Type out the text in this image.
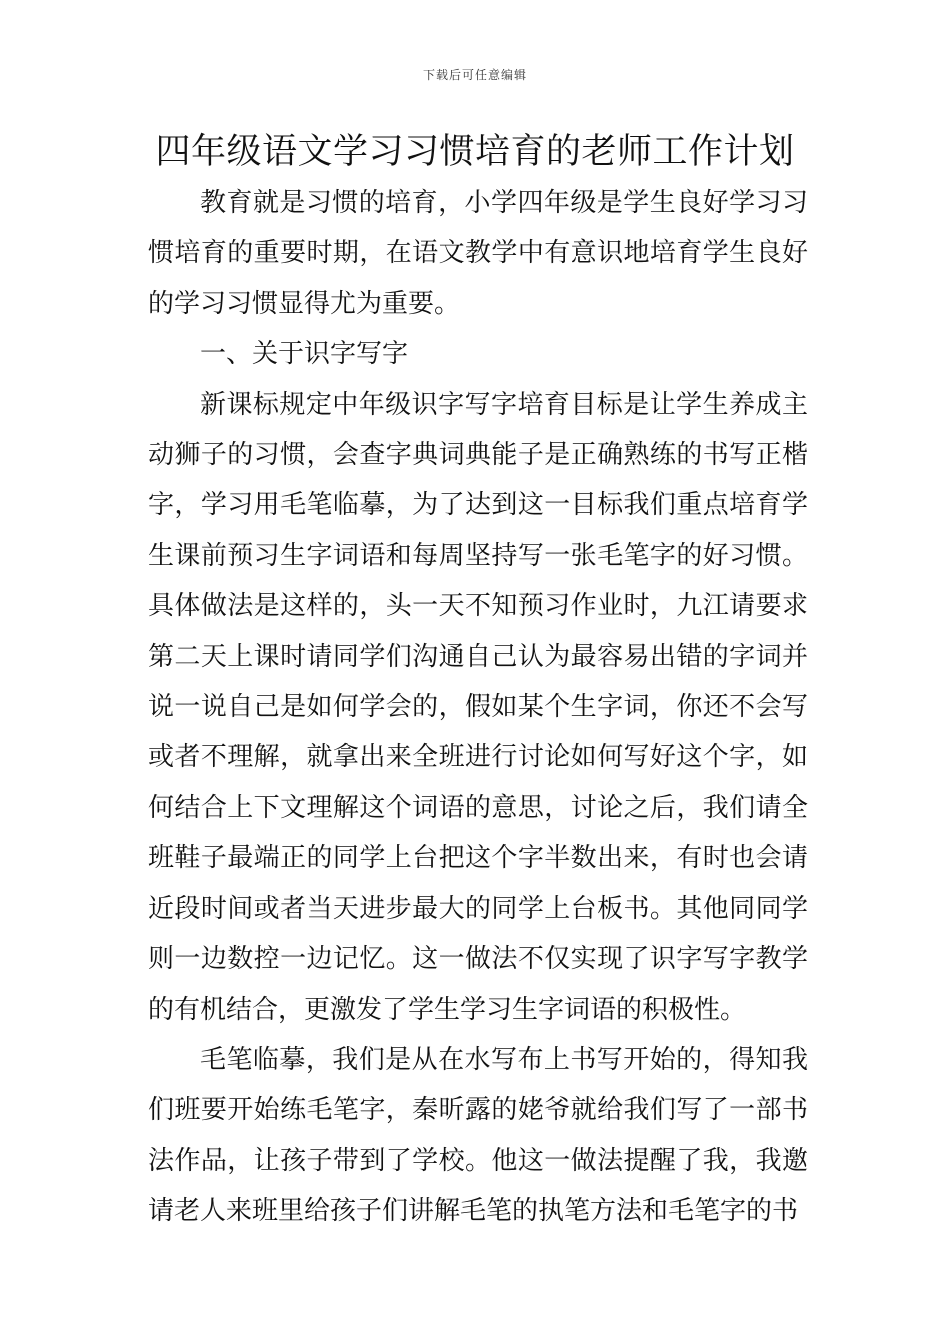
下载后可任意编辑
四年级语文学习习惯培育的老师工作计划

教育就是习惯的培育，小学四年级是学生良好学习习惯培育的重要时期，在语文教学中有意识地培育学生良好的学习习惯显得尤为重要。

一、关于识字写字

新课标规定中年级识字写字培育目标是让学生养成主动狮子的习惯，会查字典词典能子是正确熟练的书写正楷字，学习用毛笔临摹，为了达到这一目标我们重点培育学生课前预习生字词语和每周坚持写一张毛笔字的好习惯。具体做法是这样的，头一天不知预习作业时，九江请要求第二天上课时请同学们沟通自己认为最容易出错的字词并说一说自己是如何学会的，假如某个生字词，你还不会写或者不理解，就拿出来全班进行讨论如何写好这个字，如何结合上下文理解这个词语的意思，讨论之后，我们请全班鞋子最端正的同学上台把这个字半数出来，有时也会请近段时间或者当天进步最大的同学上台板书。其他同同学则一边数控一边记忆。这一做法不仅实现了识字写字教学的有机结合，更激发了学生学习生字词语的积极性。

毛笔临摹，我们是从在水写布上书写开始的，得知我们班要开始练毛笔字，秦昕露的姥爷就给我们写了一部书法作品，让孩子带到了学校。他这一做法提醒了我，我邀请老人来班里给孩子们讲解毛笔的执笔方法和毛笔字的书
